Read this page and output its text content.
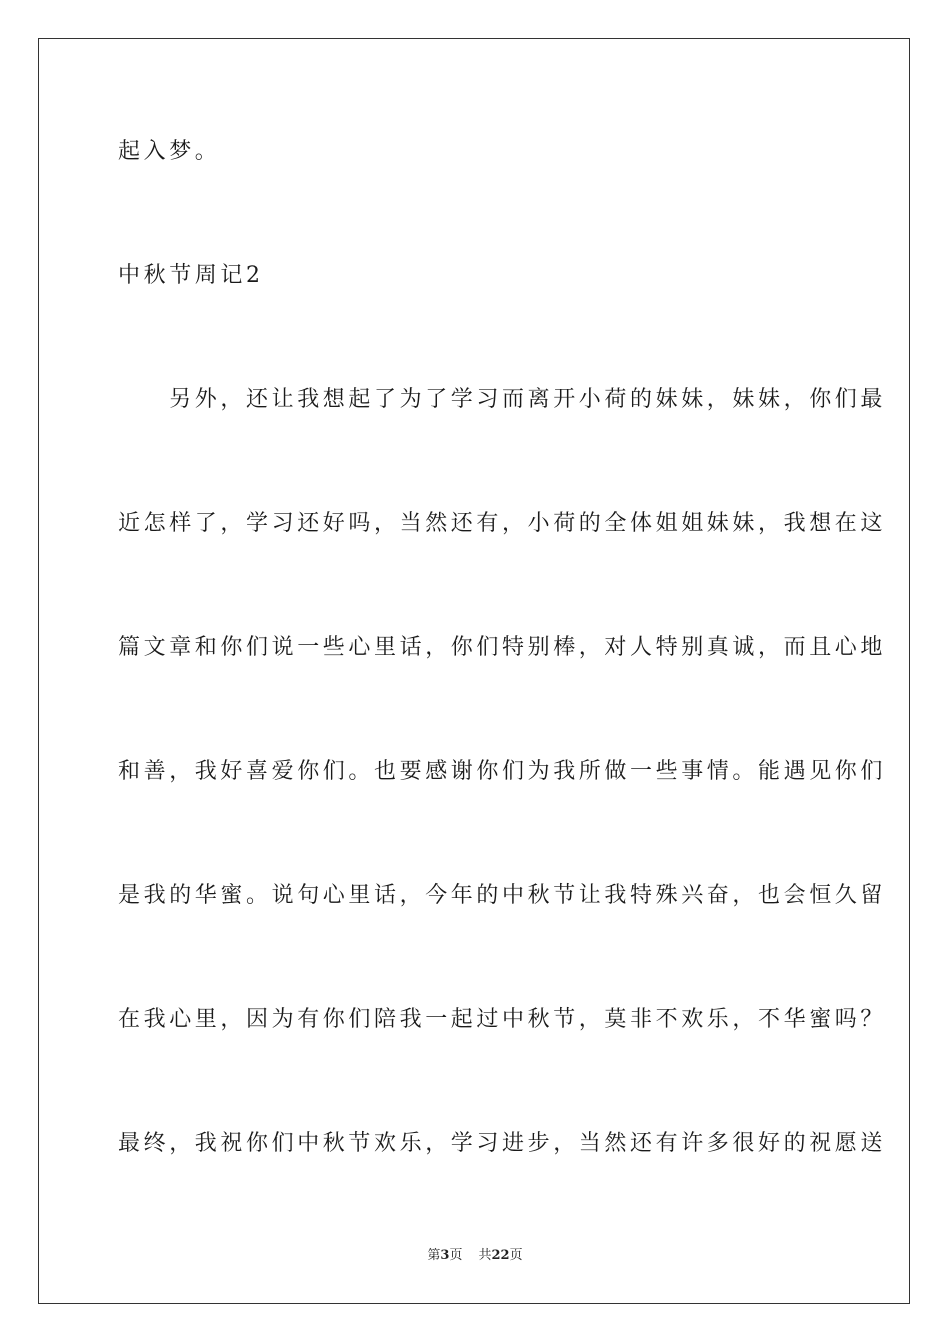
起入梦。
中秋节周记2
　　另外，还让我想起了为了学习而离开小荷的妹妹，妹妹，你们最
近怎样了，学习还好吗，当然还有，小荷的全体姐姐妹妹，我想在这
篇文章和你们说一些心里话，你们特别棒，对人特别真诚，而且心地
和善，我好喜爱你们。也要感谢你们为我所做一些事情。能遇见你们
是我的华蜜。说句心里话，今年的中秋节让我特殊兴奋，也会恒久留
在我心里，因为有你们陪我一起过中秋节，莫非不欢乐，不华蜜吗？
最终，我祝你们中秋节欢乐，学习进步，当然还有许多很好的祝愿送
第3页 共22页
